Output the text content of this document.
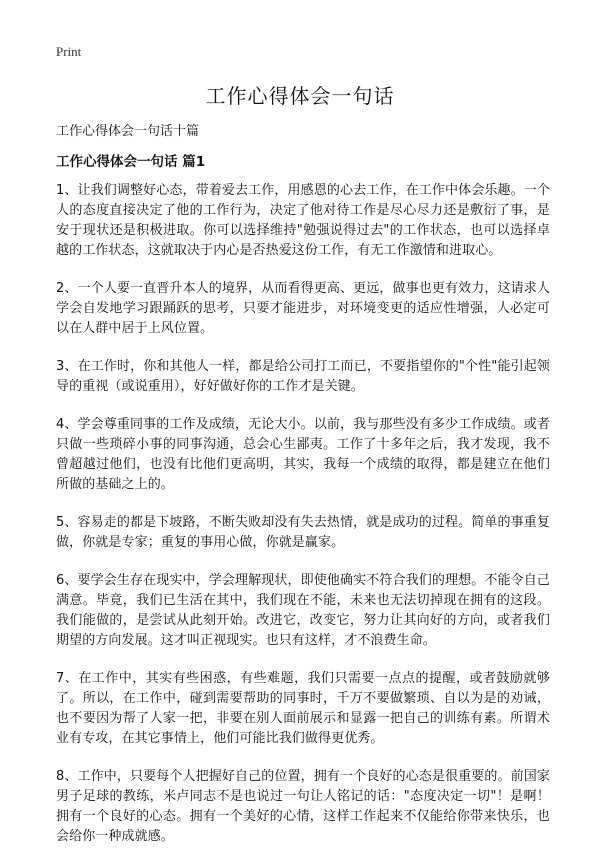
Print
工作心得体会一句话

工作心得体会一句话十篇

工作心得体会一句话 篇1

1、让我们调整好心态，带着爱去工作，用感恩的心去工作，在工作中体会乐趣。一个人的态度直接决定了他的工作行为，决定了他对待工作是尽心尽力还是敷衍了事，是安于现状还是积极进取。你可以选择维持"勉强说得过去"的工作状态，也可以选择卓越的工作状态，这就取决于内心是否热爱这份工作，有无工作激情和进取心。

2、一个人要一直晋升本人的境界，从而看得更高、更远，做事也更有效力，这请求人学会自发地学习跟踊跃的思考，只要才能进步，对环境变更的适应性增强，人必定可以在人群中居于上风位置。

3、在工作时，你和其他人一样，都是给公司打工而已，不要指望你的"个性"能引起领导的重视（或说重用），好好做好你的工作才是关键。

4、学会尊重同事的工作及成绩，无论大小。以前，我与那些没有多少工作成绩。或者只做一些琐碎小事的同事沟通，总会心生鄙夷。工作了十多年之后，我才发现，我不曾超越过他们，也没有比他们更高明，其实，我每一个成绩的取得，都是建立在他们所做的基础之上的。

5、容易走的都是下坡路，不断失败却没有失去热情，就是成功的过程。简单的事重复做，你就是专家；重复的事用心做，你就是赢家。

6、要学会生存在现实中，学会理解现状，即使他确实不符合我们的理想。不能令自己满意。毕竟，我们已生活在其中，我们现在不能，未来也无法切掉现在拥有的这段。我们能做的，是尝试从此刻开始。改进它，改变它，努力让其向好的方向，或者我们期望的方向发展。这才叫正视现实。也只有这样，才不浪费生命。

7、在工作中，其实有些困惑，有些难题，我们只需要一点点的提醒，或者鼓励就够了。所以，在工作中，碰到需要帮助的同事时，千万不要做繁琐、自以为是的劝诫，也不要因为帮了人家一把，非要在别人面前展示和显露一把自己的训练有素。所谓术业有专攻，在其它事情上，他们可能比我们做得更优秀。

8、工作中，只要每个人把握好自己的位置，拥有一个良好的心态是很重要的。前国家男子足球的教练，米卢同志不是也说过一句让人铭记的话："态度决定一切"！是啊！拥有一个良好的心态。拥有一个美好的心情，这样工作起来不仅能给你带来快乐，也会给你一种成就感。
